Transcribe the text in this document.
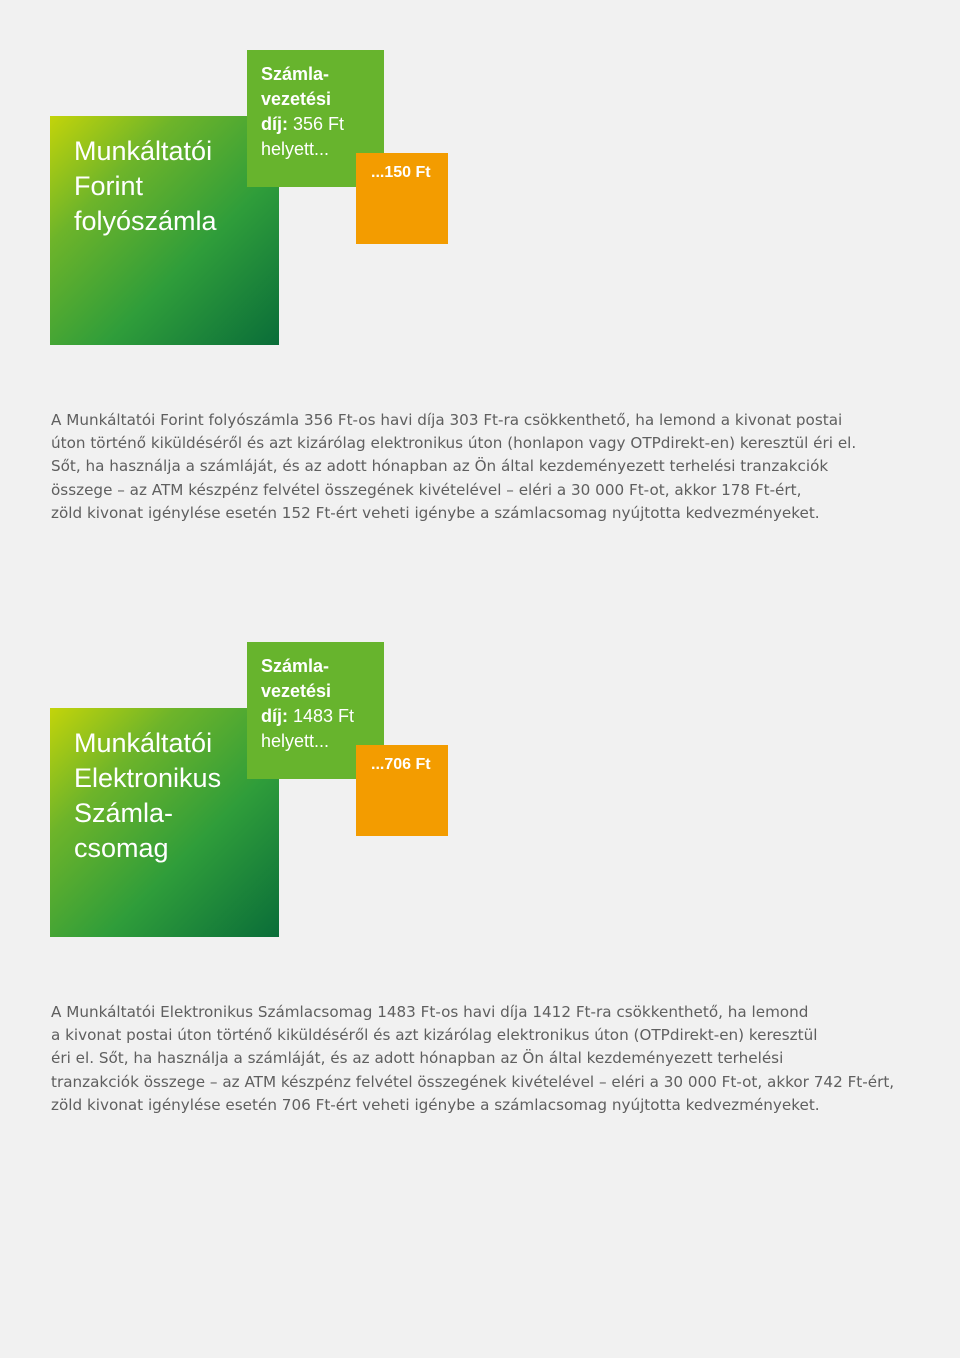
Munkáltatói
Forint
folyószámla
Számla-
vezetési
díj: 356 Ft
helyett...
...150 Ft
A Munkáltatói Forint folyószámla 356 Ft-os havi díja 303 Ft-ra csökkenthető, ha lemond a kivonat postai
úton történő kiküldéséről és azt kizárólag elektronikus úton (honlapon vagy OTPdirekt-en) keresztül éri el.
Sőt, ha használja a számláját, és az adott hónapban az Ön által kezdeményezett terhelési tranzakciók
összege – az ATM készpénz felvétel összegének kivételével – eléri a 30 000 Ft-ot, akkor 178 Ft-ért,
zöld kivonat igénylése esetén 152 Ft-ért veheti igénybe a számlacsomag nyújtotta kedvezményeket.
Munkáltatói
Elektronikus
Számla-
csomag
Számla-
vezetési
díj: 1483 Ft
helyett...
...706 Ft
A Munkáltatói Elektronikus Számlacsomag 1483 Ft-os havi díja 1412 Ft-ra csökkenthető, ha lemond
a kivonat postai úton történő kiküldéséről és azt kizárólag elektronikus úton (OTPdirekt-en) keresztül
éri el. Sőt, ha használja a számláját, és az adott hónapban az Ön által kezdeményezett terhelési
tranzakciók összege – az ATM készpénz felvétel összegének kivételével – eléri a 30 000 Ft-ot, akkor 742 Ft-ért,
zöld kivonat igénylése esetén 706 Ft-ért veheti igénybe a számlacsomag nyújtotta kedvezményeket.
